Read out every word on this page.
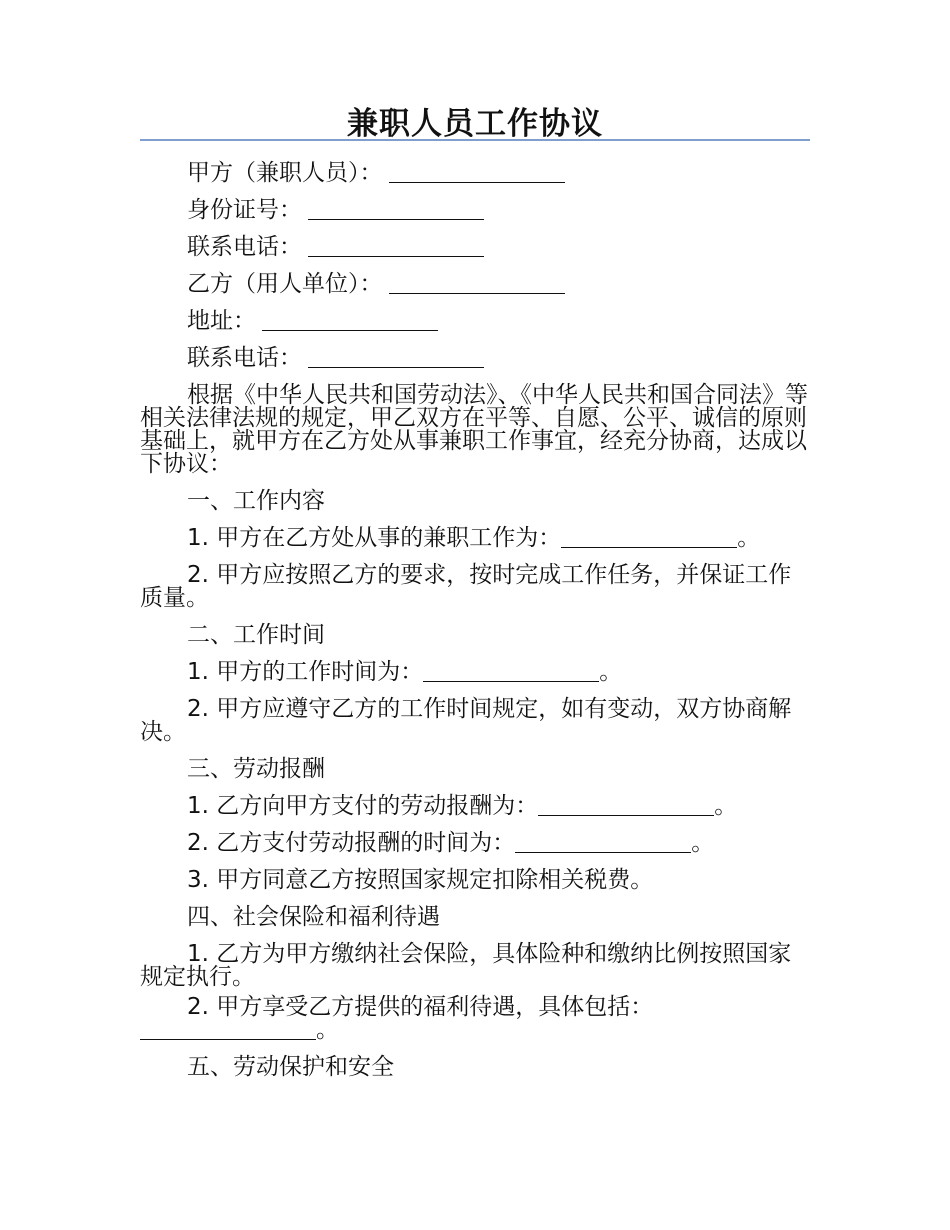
兼职人员工作协议

甲方（兼职人员）：

身份证号：

联系电话：

乙方（用人单位）：

地址：

联系电话：

根据《中华人民共和国劳动法》、《中华人民共和国合同法》等相关法律法规的规定，甲乙双方在平等、自愿、公平、诚信的原则基础上，就甲方在乙方处从事兼职工作事宜，经充分协商，达成以下协议：

一、工作内容

1. 甲方在乙方处从事的兼职工作为：	。

2. 甲方应按照乙方的要求，按时完成工作任务，并保证工作质量。

二、工作时间

1. 甲方的工作时间为：	。

2. 甲方应遵守乙方的工作时间规定，如有变动，双方协商解决。

三、劳动报酬

1. 乙方向甲方支付的劳动报酬为：	。

2. 乙方支付劳动报酬的时间为：	。

3. 甲方同意乙方按照国家规定扣除相关税费。

四、社会保险和福利待遇

1. 乙方为甲方缴纳社会保险，具体险种和缴纳比例按照国家规定执行。

2. 甲方享受乙方提供的福利待遇，具体包括：。

五、劳动保护和安全
